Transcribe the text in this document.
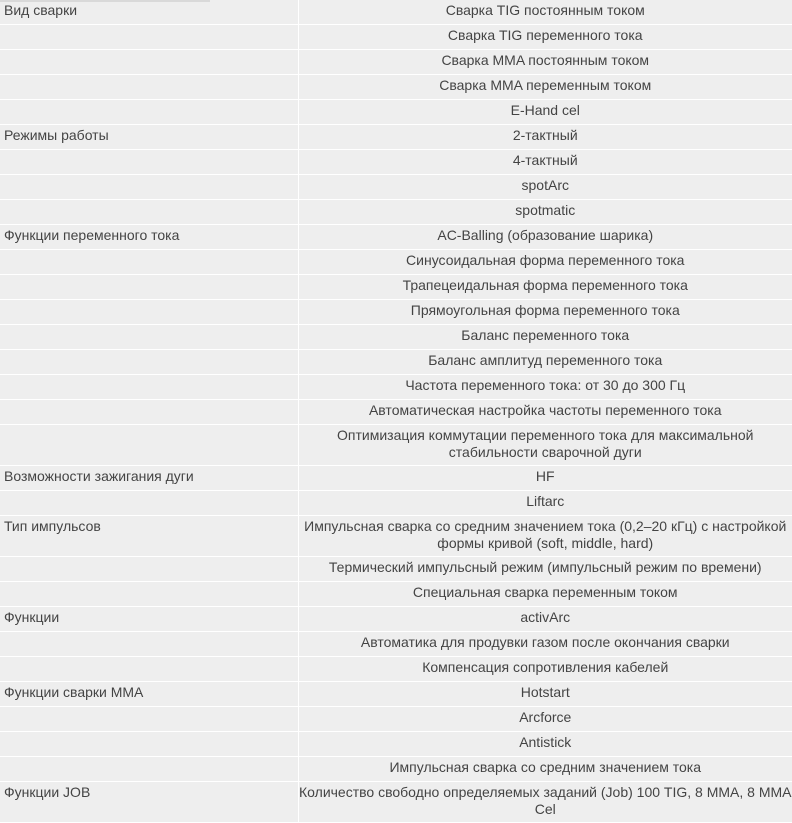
Вид сварки	Сварка TIG постоянным током
	Сварка TIG переменного тока
	Сварка MMA постоянным током
	Сварка MMA переменным током
	E-Hand cel
Режимы работы	2-тактный
	4-тактный
	spotArc
	spotmatic
Функции переменного тока	AC-Balling (образование шарика)
	Синусоидальная форма переменного тока
	Трапецеидальная форма переменного тока
	Прямоугольная форма переменного тока
	Баланс переменного тока
	Баланс амплитуд переменного тока
	Частота переменного тока: от 30 до 300 Гц
	Автоматическая настройка частоты переменного тока
	Оптимизация коммутации переменного тока для максимальной стабильности сварочной дуги
Возможности зажигания дуги	HF
	Liftarc
Тип импульсов	Импульсная сварка со средним значением тока (0,2–20 кГц) с настройкой формы кривой (soft, middle, hard)
	Термический импульсный режим (импульсный режим по времени)
	Специальная сварка переменным током
Функции	activArc
	Автоматика для продувки газом после окончания сварки
	Компенсация сопротивления кабелей
Функции сварки MMA	Hotstart
	Arcforce
	Antistick
	Импульсная сварка со средним значением тока
Функции JOB	Количество свободно определяемых заданий (Job) 100 TIG, 8 MMA, 8 MMA Cel
